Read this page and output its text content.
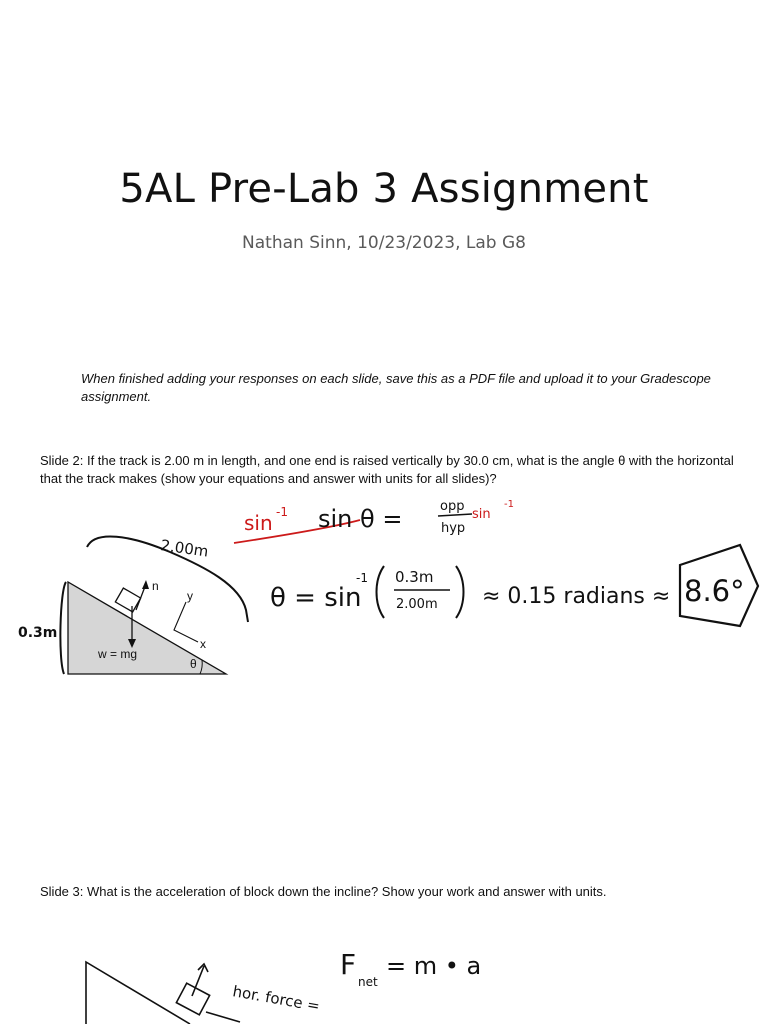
5AL Pre-Lab 3 Assignment
Nathan Sinn, 10/23/2023, Lab G8
When finished adding your responses on each slide, save this as a PDF file and upload it to your Gradescope assignment.
Slide 2: If the track is 2.00 m in length, and one end is raised vertically by 30.0 cm, what is the angle θ with the horizontal that the track makes (show your equations and answer with units for all slides)?
Slide 3: What is the acceleration of block down the incline? Show your work and answer with units.
n
w = mg
y
x
θ
0.3m
2.00m
sin -1 sin θ =	opp
hyp
sin
-1
θ = sin
-1 0.3m
2.00m ≈ 0.15 radians ≈ 8.6°
F
net
= m • a
hor. force =
